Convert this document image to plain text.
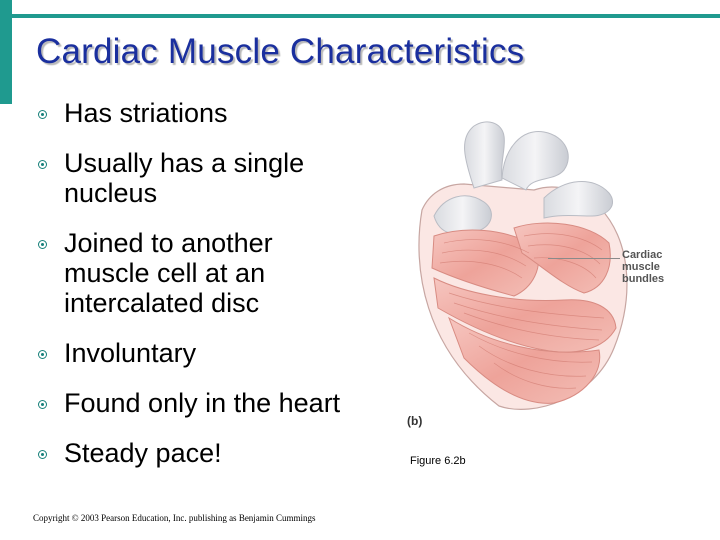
Cardiac Muscle Characteristics
Has striations
Usually has a single nucleus
Joined to another muscle cell at an intercalated disc
Involuntary
Found only in the heart
Steady pace!
Cardiac
muscle
bundles
(b)
Figure 6.2b
Copyright © 2003 Pearson Education, Inc. publishing as Benjamin Cummings
